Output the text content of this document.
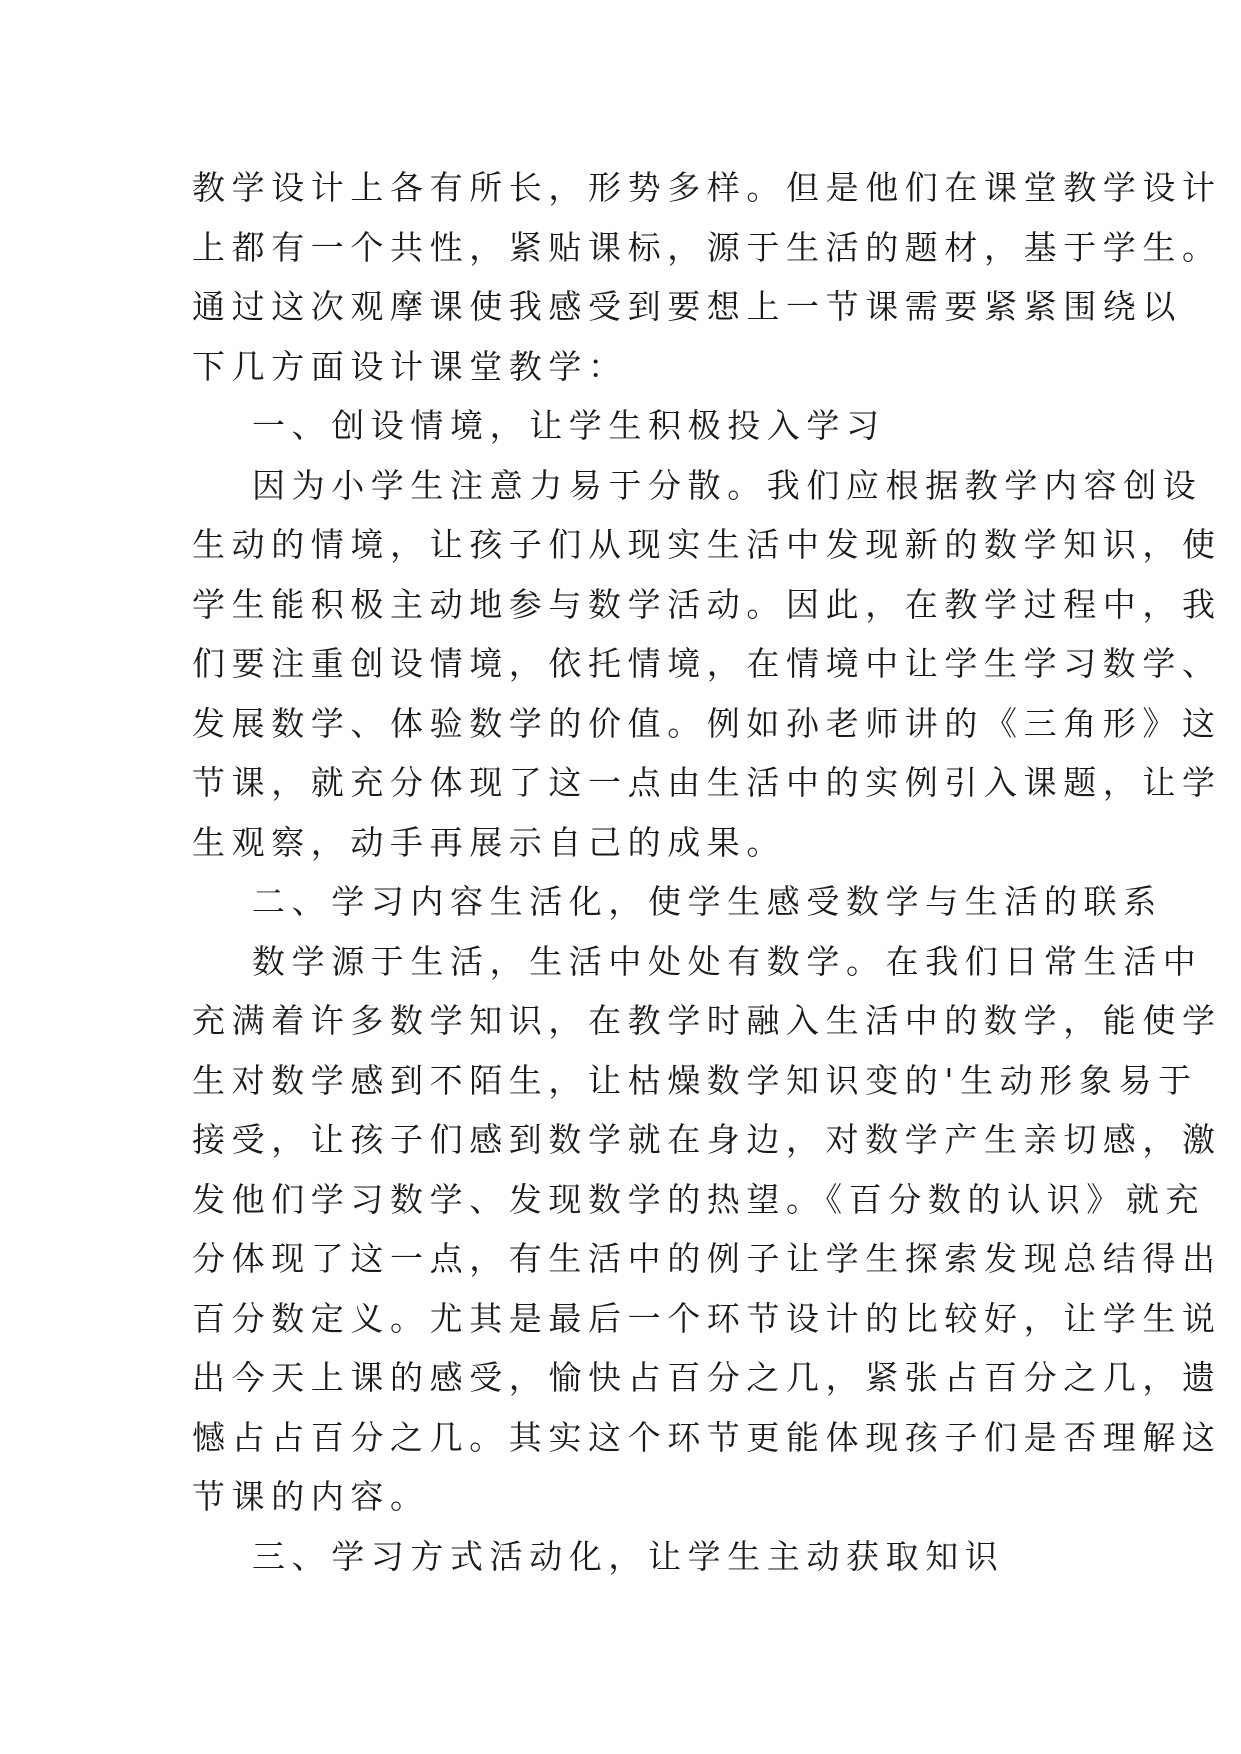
教学设计上各有所长，形势多样。但是他们在课堂教学设计
上都有一个共性，紧贴课标，源于生活的题材，基于学生。
通过这次观摩课使我感受到要想上一节课需要紧紧围绕以
下几方面设计课堂教学：

一、创设情境，让学生积极投入学习

因为小学生注意力易于分散。我们应根据教学内容创设
生动的情境，让孩子们从现实生活中发现新的数学知识，使
学生能积极主动地参与数学活动。因此，在教学过程中，我
们要注重创设情境，依托情境，在情境中让学生学习数学、
发展数学、体验数学的价值。例如孙老师讲的《三角形》这
节课，就充分体现了这一点由生活中的实例引入课题，让学
生观察，动手再展示自己的成果。

二、学习内容生活化，使学生感受数学与生活的联系

数学源于生活，生活中处处有数学。在我们日常生活中
充满着许多数学知识，在教学时融入生活中的数学，能使学
生对数学感到不陌生，让枯燥数学知识变的'生动形象易于
接受，让孩子们感到数学就在身边，对数学产生亲切感，激
发他们学习数学、发现数学的热望。《百分数的认识》就充
分体现了这一点，有生活中的例子让学生探索发现总结得出
百分数定义。尤其是最后一个环节设计的比较好，让学生说
出今天上课的感受，愉快占百分之几，紧张占百分之几，遗
憾占占百分之几。其实这个环节更能体现孩子们是否理解这
节课的内容。

三、学习方式活动化，让学生主动获取知识
